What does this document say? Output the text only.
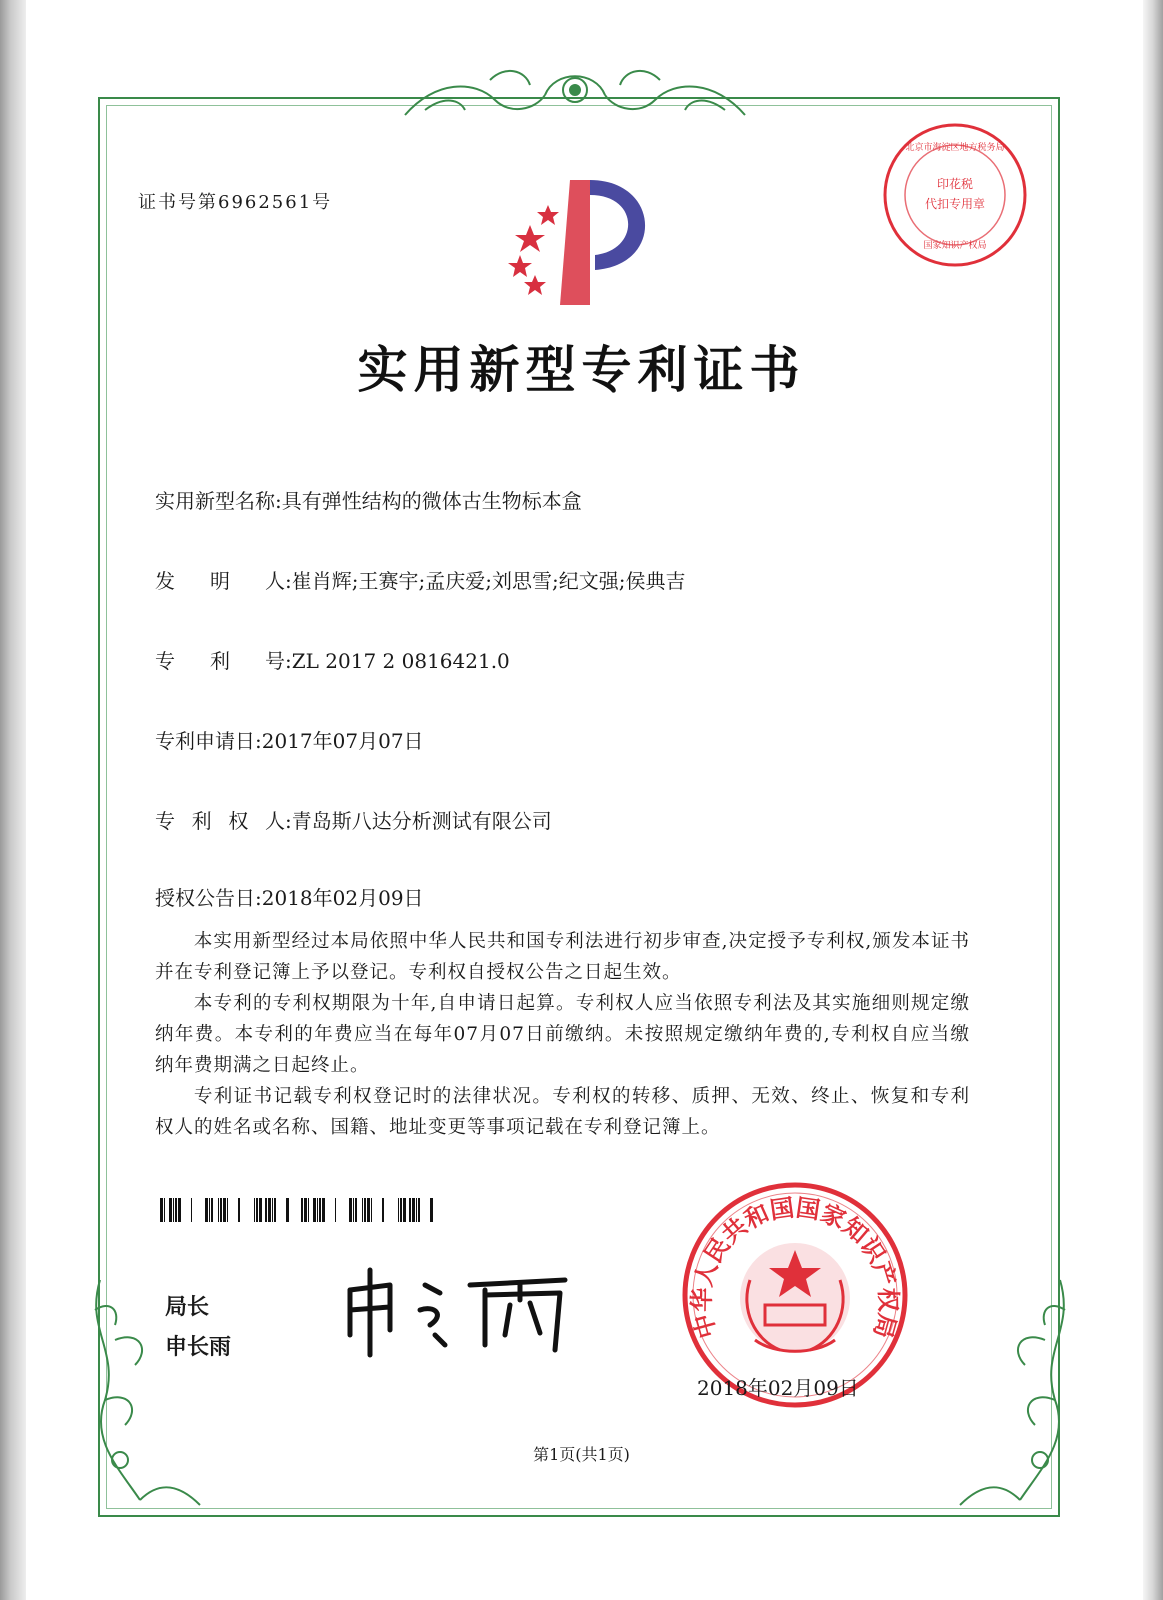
证书号第6962561号
印花税
代扣专用章
北京市海淀区地方税务局
国家知识产权局
实用新型专利证书
实用新型名称:具有弹性结构的微体古生物标本盒
发 明 人 :崔肖辉;王赛宇;孟庆爱;刘思雪;纪文强;侯典吉
专 利 号 :ZL 2017 2 0816421.0
专利申请日:2017年07月07日
专 利 权 人 :青岛斯八达分析测试有限公司
授权公告日:2018年02月09日

本实用新型经过本局依照中华人民共和国专利法进行初步审查,决定授予专利权,颁发本证书并在专利登记簿上予以登记。专利权自授权公告之日起生效。

本专利的专利权期限为十年,自申请日起算。专利权人应当依照专利法及其实施细则规定缴纳年费。本专利的年费应当在每年07月07日前缴纳。未按照规定缴纳年费的,专利权自应当缴纳年费期满之日起终止。

专利证书记载专利权登记时的法律状况。专利权的转移、质押、无效、终止、恢复和专利权人的姓名或名称、国籍、地址变更等事项记载在专利登记簿上。

局长
申长雨
中华人民共和国国家知识产权局
2018年02月09日
第1页(共1页)
